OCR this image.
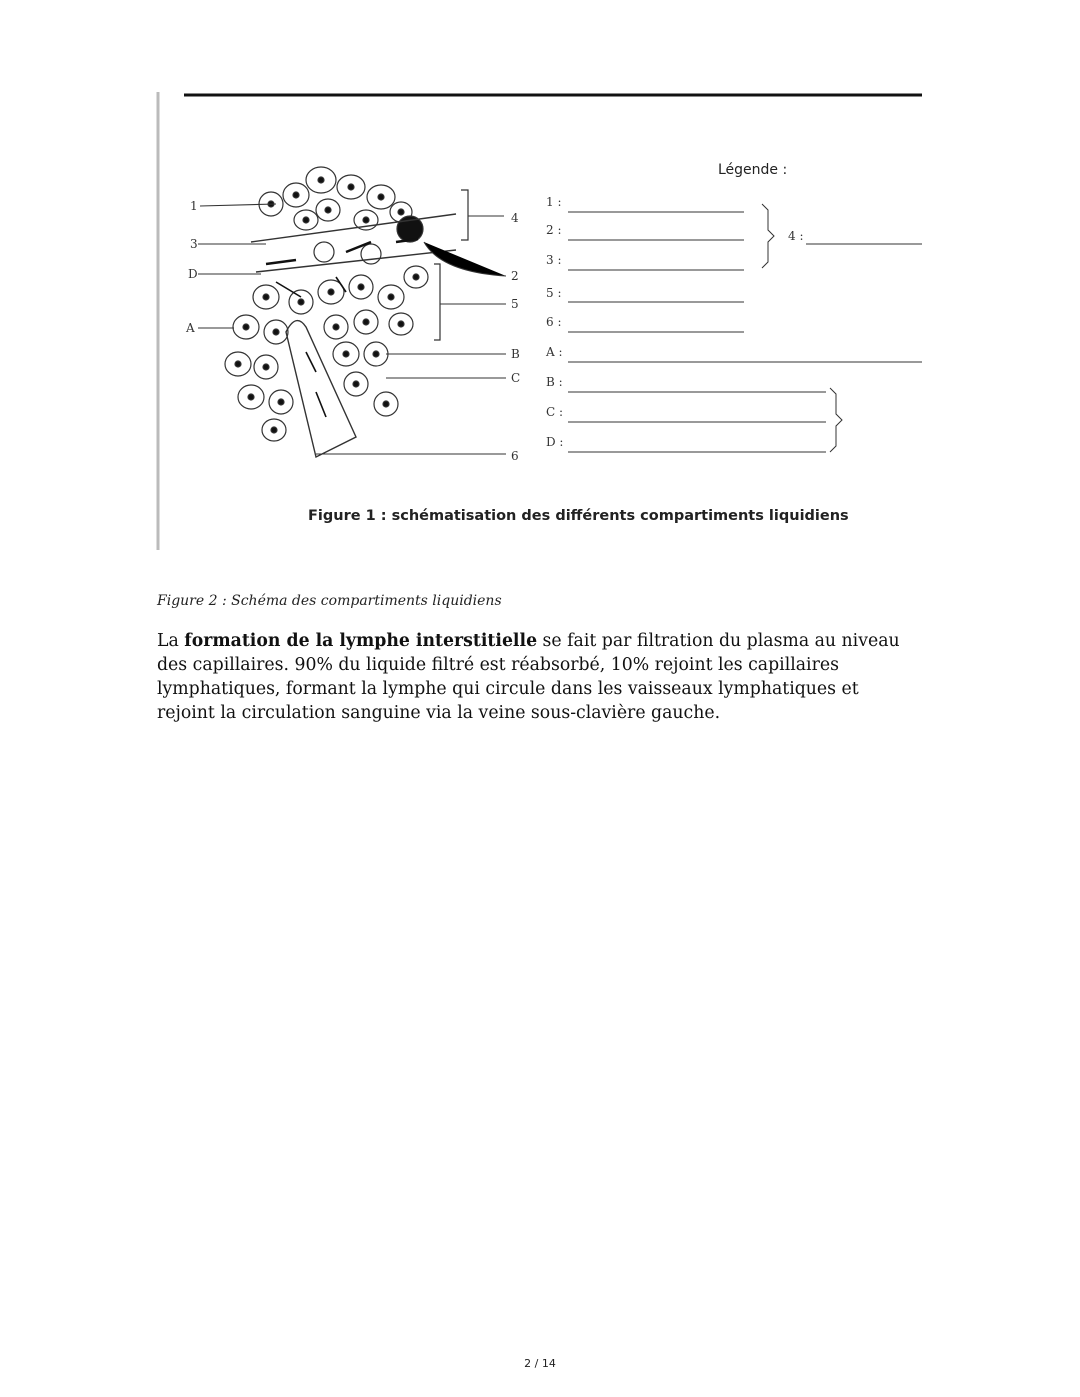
1
3
D
A
4
2
5
B
C
6
Légende :
1 :
2 :
3 :
4 :
5 :
6 :
A :
B :
C :
D :
Figure 1 : schématisation des différents compartiments liquidiens
Figure 2 : Schéma des compartiments liquidiens
La formation de la lymphe interstitielle se fait par filtration du plasma au niveau des capillaires. 90% du liquide filtré est réabsorbé, 10% rejoint les capillaires lymphatiques, formant la lymphe qui circule dans les vaisseaux lymphatiques et rejoint la circulation sanguine via la veine sous-clavière gauche.
2 / 14
